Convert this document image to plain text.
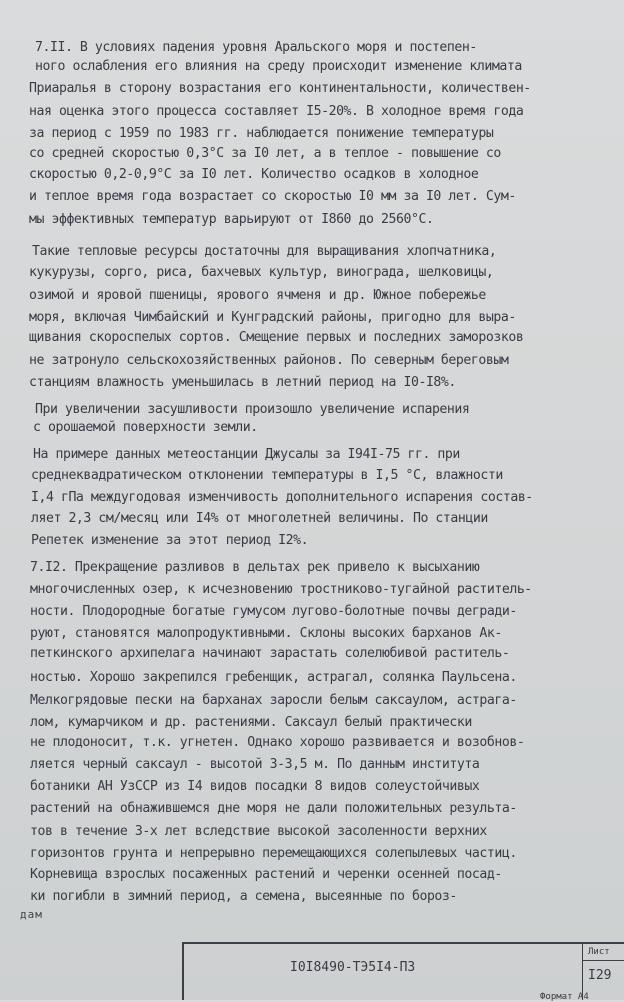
7.II. В условиях падения уровня Аральского моря и постепен-
ного ослабления его влияния на среду происходит изменение климата
Приаралья в сторону возрастания его континентальности, количествен-
ная оценка этого процесса составляет I5-20%. В холодное время года
за период с 1959 по 1983 гг. наблюдается понижение температуры
со средней скоростью 0,3°С за I0 лет, а в теплое - повышение со
скоростью 0,2-0,9°С за I0 лет. Количество осадков в холодное
и теплое время года возрастает со скоростью I0 мм за I0 лет. Сум-
мы эффективных температур варьируют от I860 до 2560°С.
Такие тепловые ресурсы достаточны для выращивания хлопчатника,
кукурузы, сорго, риса, бахчевых культур, винограда, шелковицы,
озимой и яровой пшеницы, ярового ячменя и др. Южное побережье
моря, включая Чимбайский и Кунградский районы, пригодно для выра-
щивания скороспелых сортов. Смещение первых и последних заморозков
не затронуло сельскохозяйственных районов. По северным береговым
станциям влажность уменьшилась в летний период на I0-I8%.
При увеличении засушливости произошло увеличение испарения
с орошаемой поверхности земли.
На примере данных метеостанции Джусалы за I94I-75 гг. при
среднеквадратическом отклонении температуры в I,5 °С, влажности
I,4 гПа междугодовая изменчивость дополнительного испарения состав-
ляет 2,3 см/месяц или I4% от многолетней величины. По станции
Репетек изменение за этот период I2%.
7.I2. Прекращение разливов в дельтах рек привело к высыханию
многочисленных озер, к исчезновению тростниково-тугайной раститель-
ности. Плодородные богатые гумусом лугово-болотные почвы дегради-
руют, становятся малопродуктивными. Склоны высоких барханов Ак-
петкинского архипелага начинают зарастать солелюбивой раститель-
ностью. Хорошо закрепился гребенщик, астрагал, солянка Паульсена.
Мелкогрядовые пески на барханах заросли белым саксаулом, астрага-
лом, кумарчиком и др. растениями. Саксаул белый практически
не плодоносит, т.к. угнетен. Однако хорошо развивается и возобнов-
ляется черный саксаул - высотой 3-3,5 м. По данным института
ботаники АН УзССР из I4 видов посадки 8 видов солеустойчивых
растений на обнажившемся дне моря не дали положительных результа-
тов в течение 3-х лет вследствие высокой засоленности верхних
горизонтов грунта и непрерывно перемещающихся солепылевых частиц.
Корневища взрослых посаженных растений и черенки осенней посад-
ки погибли в зимний период, а семена, высеянные по бороз-
дам
I0I8490-ТЭ5I4-ПЗ
Лист
I29
Формат А4
